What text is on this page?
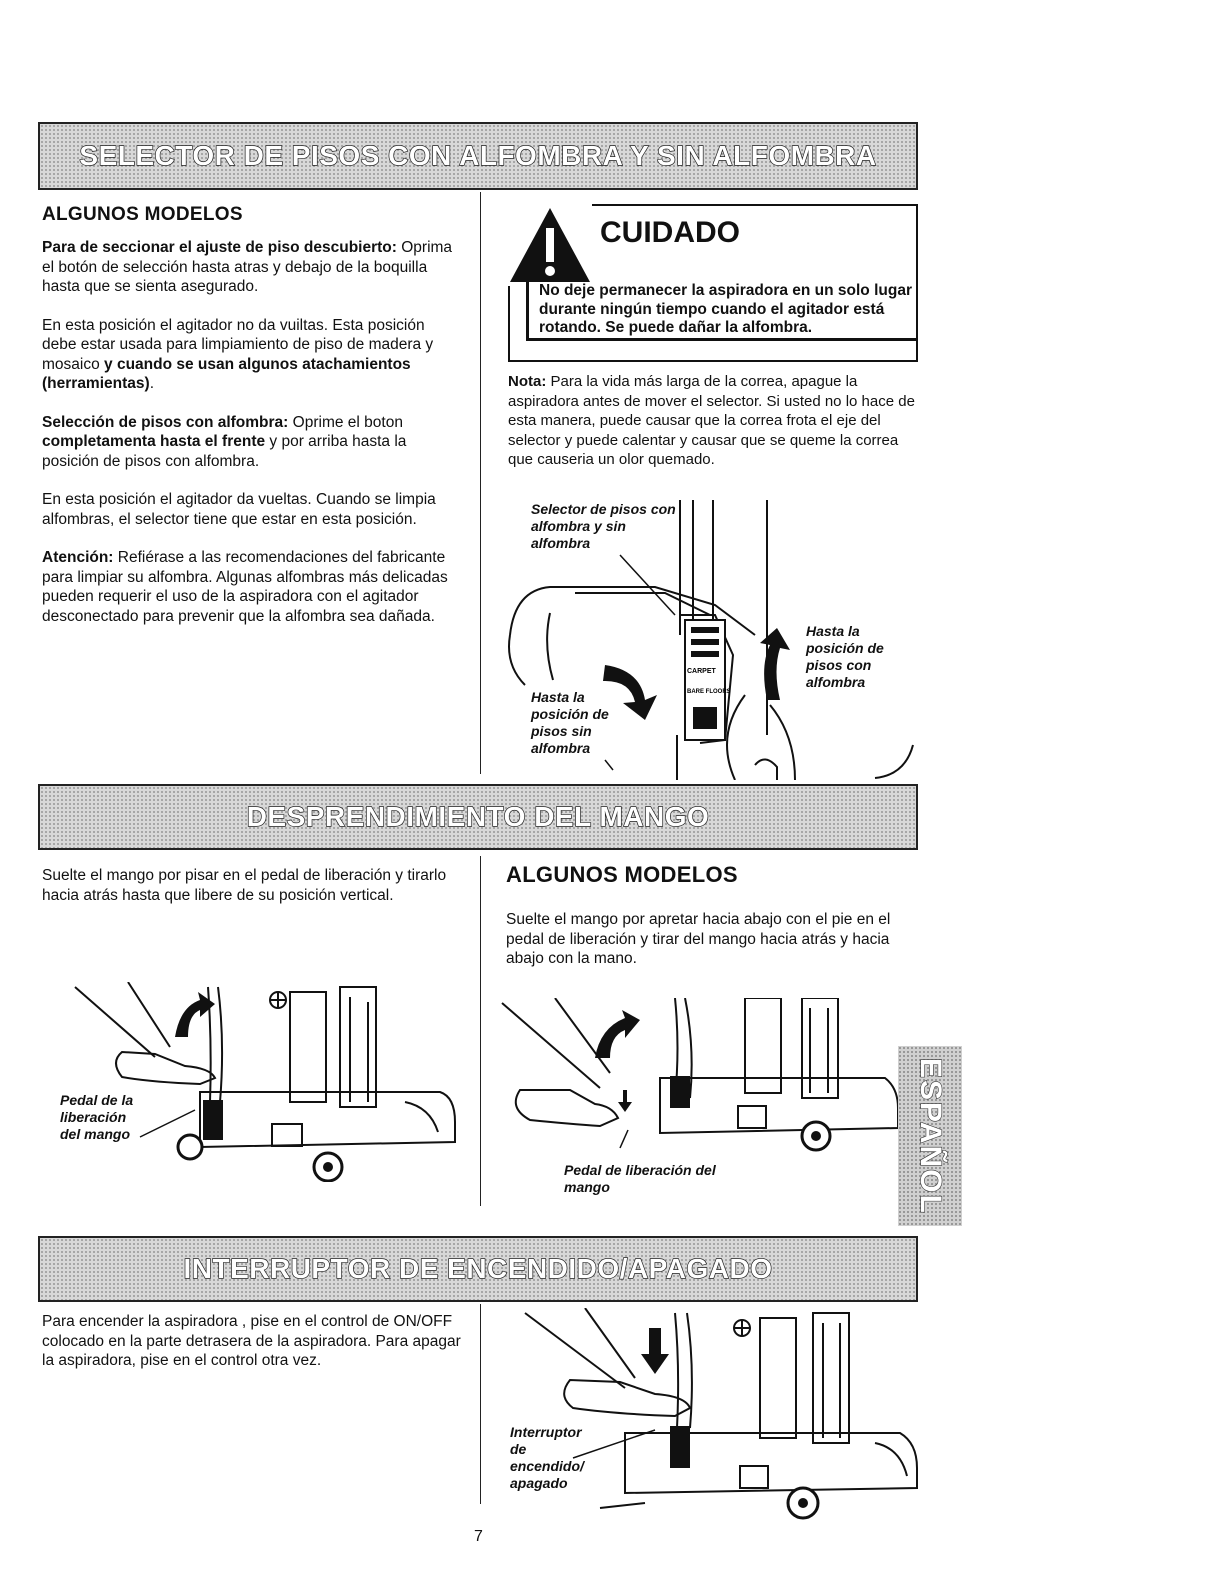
SELECTOR DE PISOS CON ALFOMBRA Y SIN ALFOMBRA
ALGUNOS MODELOS

Para de seccionar el ajuste de piso descubierto: Oprima el botón de selección hasta atras y debajo de la boquilla hasta que se sienta asegurado.

En esta posición el agitador no da vuiltas. Esta posición debe estar usada para limpiamiento de piso de madera y mosaico y cuando se usan algunos atachamientos (herramientas).

Selección de pisos con alfombra: Oprime el boton completamenta hasta el frente y por arriba hasta la posición de pisos con alfombra.

En esta posición el agitador da vueltas. Cuando se limpia alfombras, el selector tiene que estar en esta posición.

Atención: Refiérase a las recomendaciones del fabricante para limpiar su alfombra. Algunas alfombras más delicadas pueden requerir el uso de la aspiradora con el agitador desconectado para prevenir que la alfombra sea dañada.

CUIDADO
No deje permanecer la aspiradora en un solo lugar durante ningún tiempo cuando el agitador está rotando. Se puede dañar la alfombra.
Nota: Para la vida más larga de la correa, apague la aspiradora antes de mover el selector. Si usted no lo hace de esta manera, puede causar que la correa frota el eje del selector y puede calentar y causar que se queme la correa que causeria un olor quemado.
CARPET
BARE FLOORS
Selector de pisos con alfombra y sin alfombra
Hasta la posición de pisos sin alfombra
Hasta la posición de pisos con alfombra
DESPRENDIMIENTO DEL MANGO
Suelte el mango por pisar en el pedal de liberación y tirarlo hacia atrás hasta que libere de su posición vertical.
ALGUNOS MODELOS
Suelte el mango por apretar hacia abajo con el pie en el pedal de liberación y tirar del mango hacia atrás y hacia abajo con la mano.
Pedal de la liberación del mango
Pedal de liberación del mango	ESPAÑOL
INTERRUPTOR DE ENCENDIDO/APAGADO
Para encender la aspiradora , pise en el control de ON/OFF colocado en la parte detrasera de la aspiradora. Para apagar la aspiradora, pise en el control otra vez.
Interruptor de encendido/ apagado
7
